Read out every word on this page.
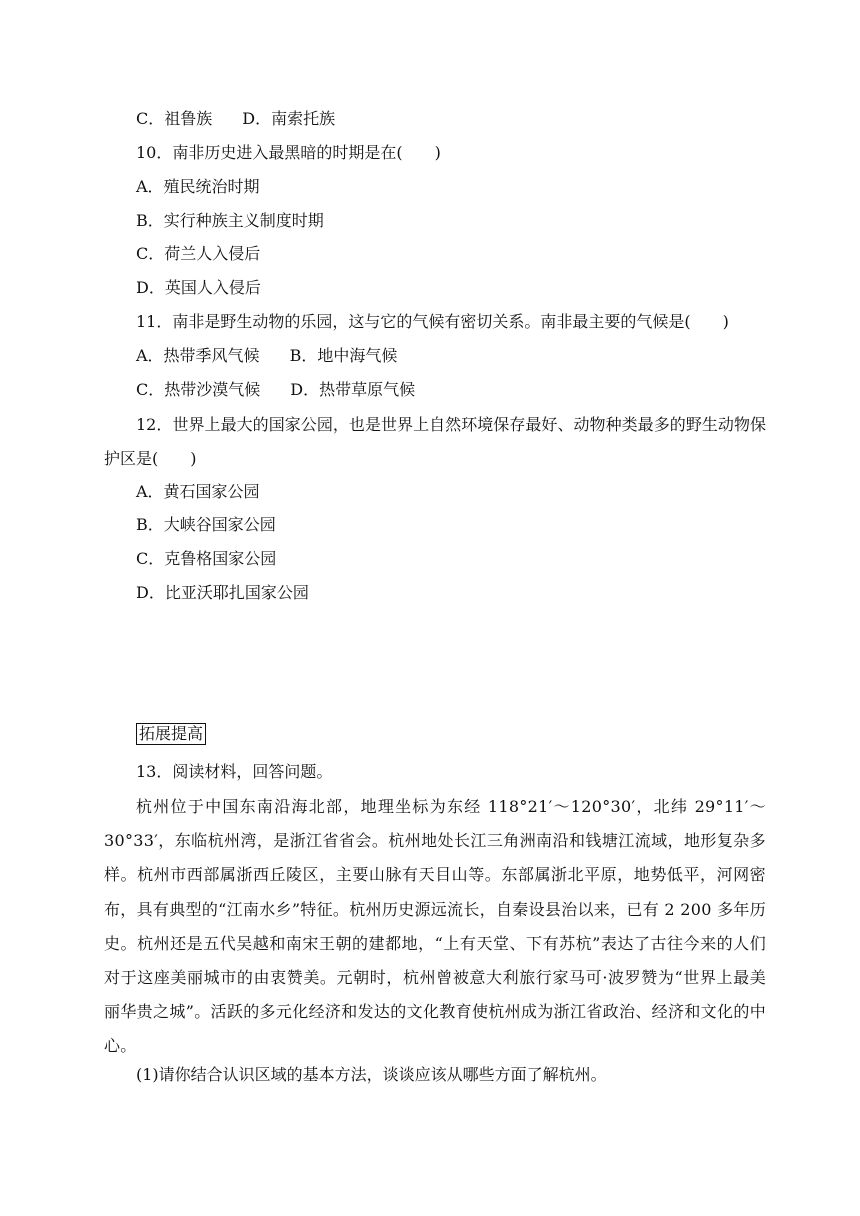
C．祖鲁族 D．南索托族
10．南非历史进入最黑暗的时期是在(　　)
A．殖民统治时期
B．实行种族主义制度时期
C．荷兰人入侵后
D．英国人入侵后
11．南非是野生动物的乐园，这与它的气候有密切关系。南非最主要的气候是(　　)
A．热带季风气候 B．地中海气候
C．热带沙漠气候 D．热带草原气候
12．世界上最大的国家公园，也是世界上自然环境保存最好、动物种类最多的野生动物保护区是(　　)
A．黄石国家公园
B．大峡谷国家公园
C．克鲁格国家公园
D．比亚沃耶扎国家公园
拓展提高
13．阅读材料，回答问题。
杭州位于中国东南沿海北部，地理坐标为东经 118°21′～120°30′，北纬 29°11′～30°33′，东临杭州湾，是浙江省省会。杭州地处长江三角洲南沿和钱塘江流域，地形复杂多样。杭州市西部属浙西丘陵区，主要山脉有天目山等。东部属浙北平原，地势低平，河网密布，具有典型的“江南水乡”特征。杭州历史源远流长，自秦设县治以来，已有 2 200 多年历史。杭州还是五代吴越和南宋王朝的建都地，“上有天堂、下有苏杭”表达了古往今来的人们对于这座美丽城市的由衷赞美。元朝时，杭州曾被意大利旅行家马可·波罗赞为“世界上最美丽华贵之城”。活跃的多元化经济和发达的文化教育使杭州成为浙江省政治、经济和文化的中心。
(1)请你结合认识区域的基本方法，谈谈应该从哪些方面了解杭州。
